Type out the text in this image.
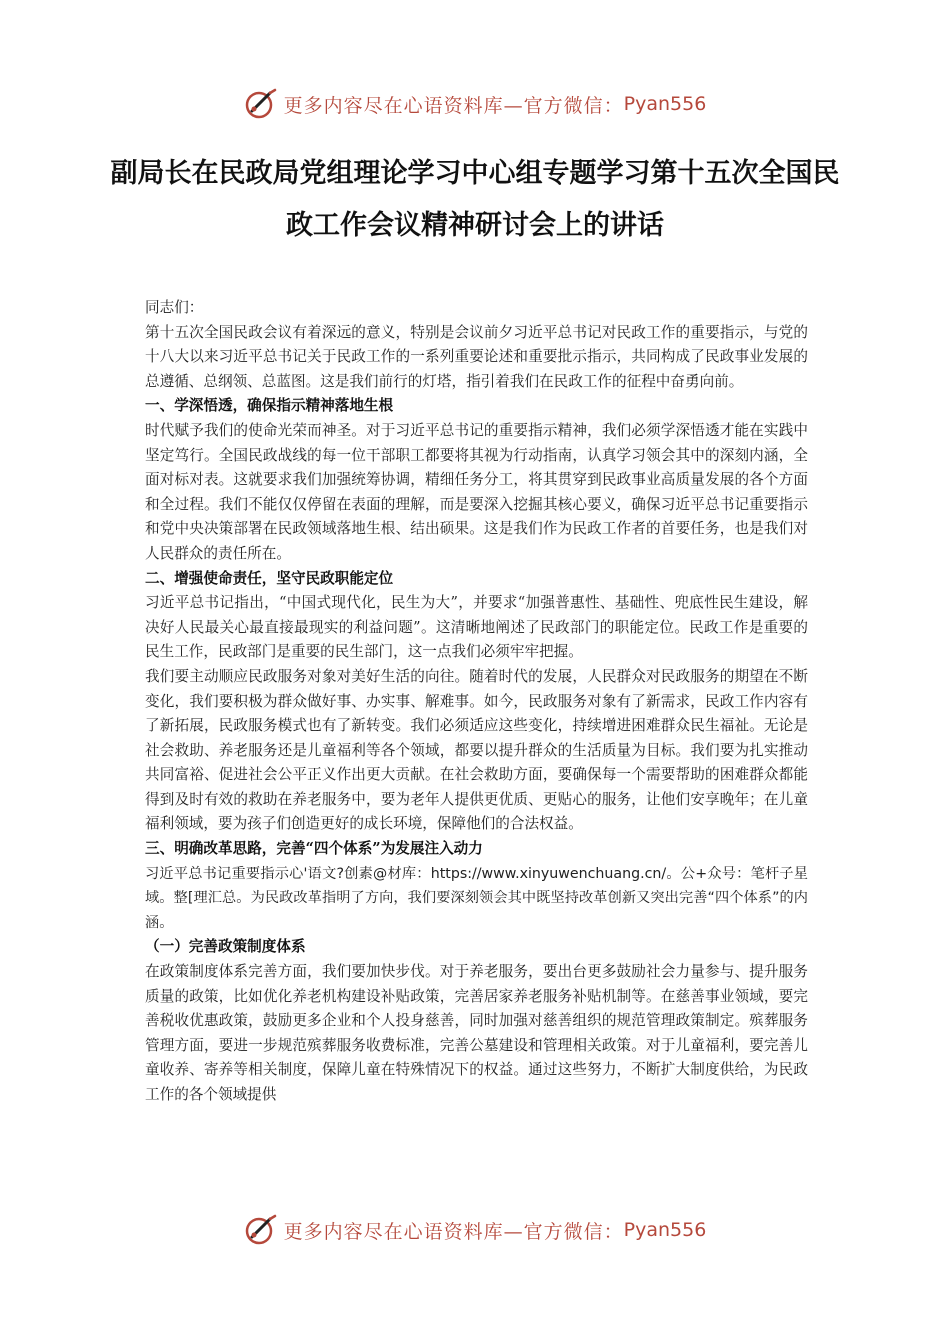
更多内容尽在心语资料库—官方微信： Pyan556
副局长在民政局党组理论学习中心组专题学习第十五次全国民政工作会议精神研讨会上的讲话

同志们：

第十五次全国民政会议有着深远的意义，特别是会议前夕习近平总书记对民政工作的重要指示，与党的十八大以来习近平总书记关于民政工作的一系列重要论述和重要批示指示，共同构成了民政事业发展的总遵循、总纲领、总蓝图。这是我们前行的灯塔，指引着我们在民政工作的征程中奋勇向前。

一、学深悟透，确保指示精神落地生根

时代赋予我们的使命光荣而神圣。对于习近平总书记的重要指示精神，我们必须学深悟透才能在实践中坚定笃行。全国民政战线的每一位干部职工都要将其视为行动指南，认真学习领会其中的深刻内涵，全面对标对表。这就要求我们加强统筹协调，精细任务分工，将其贯穿到民政事业高质量发展的各个方面和全过程。我们不能仅仅停留在表面的理解，而是要深入挖掘其核心要义，确保习近平总书记重要指示和党中央决策部署在民政领域落地生根、结出硕果。这是我们作为民政工作者的首要任务，也是我们对人民群众的责任所在。

二、增强使命责任，坚守民政职能定位

习近平总书记指出，“中国式现代化，民生为大”，并要求“加强普惠性、基础性、兜底性民生建设，解决好人民最关心最直接最现实的利益问题”。这清晰地阐述了民政部门的职能定位。民政工作是重要的民生工作，民政部门是重要的民生部门，这一点我们必须牢牢把握。

我们要主动顺应民政服务对象对美好生活的向往。随着时代的发展，人民群众对民政服务的期望在不断变化，我们要积极为群众做好事、办实事、解难事。如今，民政服务对象有了新需求，民政工作内容有了新拓展，民政服务模式也有了新转变。我们必须适应这些变化，持续增进困难群众民生福祉。无论是社会救助、养老服务还是儿童福利等各个领域，都要以提升群众的生活质量为目标。我们要为扎实推动共同富裕、促进社会公平正义作出更大贡献。在社会救助方面，要确保每一个需要帮助的困难群众都能得到及时有效的救助在养老服务中，要为老年人提供更优质、更贴心的服务，让他们安享晚年；在儿童福利领域，要为孩子们创造更好的成长环境，保障他们的合法权益。

三、明确改革思路，完善“四个体系”为发展注入动力

习近平总书记重要指示心'语文?创素@材库：https://www.xinyuwenchuang.cn/。公+众号：笔杆子星域。整[理汇总。为民政改革指明了方向，我们要深刻领会其中既坚持改革创新又突出完善“四个体系”的内涵。

（一）完善政策制度体系

在政策制度体系完善方面，我们要加快步伐。对于养老服务，要出台更多鼓励社会力量参与、提升服务质量的政策，比如优化养老机构建设补贴政策，完善居家养老服务补贴机制等。在慈善事业领域，要完善税收优惠政策，鼓励更多企业和个人投身慈善，同时加强对慈善组织的规范管理政策制定。殡葬服务管理方面，要进一步规范殡葬服务收费标准，完善公墓建设和管理相关政策。对于儿童福利，要完善儿童收养、寄养等相关制度，保障儿童在特殊情况下的权益。通过这些努力，不断扩大制度供给，为民政工作的各个领域提供

更多内容尽在心语资料库—官方微信： Pyan556
